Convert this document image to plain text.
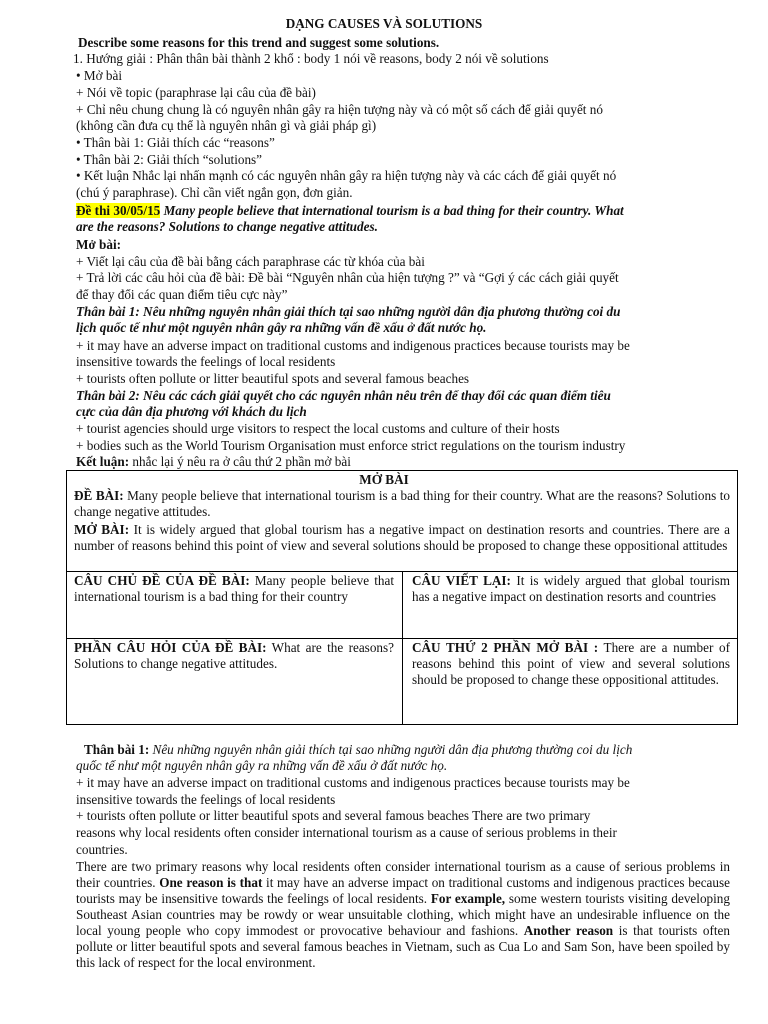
DẠNG CAUSES VÀ SOLUTIONS
Describe some reasons for this trend and suggest some solutions.
1. Hướng giải : Phân thân bài thành 2 khổ : body 1 nói về reasons, body 2 nói về solutions
• Mở bài
+ Nói về topic (paraphrase lại câu của đề bài)
+ Chỉ nêu chung chung là có nguyên nhân gây ra hiện tượng này và có một số cách để giải quyết nó
(không cần đưa cụ thể là nguyên nhân gì và giải pháp gì)
• Thân bài 1: Giải thích các “reasons”
• Thân bài 2: Giải thích “solutions”
• Kết luận Nhắc lại nhấn mạnh có các nguyên nhân gây ra hiện tượng này và các cách để giải quyết nó
(chú ý paraphrase). Chỉ cần viết ngắn gọn, đơn giản.
Đề thi 30/05/15 Many people believe that international tourism is a bad thing for their country. What
are the reasons? Solutions to change negative attitudes.
Mở bài:
+ Viết lại câu của đề bài bằng cách paraphrase các từ khóa của bài
+ Trả lời các câu hỏi của đề bài: Đề bài “Nguyên nhân của hiện tượng ?” và “Gợi ý các cách giải quyết
để thay đổi các quan điểm tiêu cực này”
Thân bài 1: Nêu những nguyên nhân giải thích tại sao những người dân địa phương thường coi du
lịch quốc tế như một nguyên nhân gây ra những vấn đề xấu ở đất nước họ.
+ it may have an adverse impact on traditional customs and indigenous practices because tourists may be
insensitive towards the feelings of local residents
+ tourists often pollute or litter beautiful spots and several famous beaches
Thân bài 2: Nêu các cách giải quyết cho các nguyên nhân nêu trên để thay đổi các quan điểm tiêu
cực của dân địa phương với khách du lịch
+ tourist agencies should urge visitors to respect the local customs and culture of their hosts
+ bodies such as the World Tourism Organisation must enforce strict regulations on the tourism industry
Kết luận: nhắc lại ý nêu ra ở câu thứ 2 phần mở bài
MỞ BÀI
ĐỀ BÀI: Many people believe that international tourism is a bad thing for their country. What are the reasons? Solutions to change negative attitudes.
MỞ BÀI: It is widely argued that global tourism has a negative impact on destination resorts and countries. There are a number of reasons behind this point of view and several solutions should be proposed to change these oppositional attitudes
CÂU CHỦ ĐỀ CỦA ĐỀ BÀI: Many people believe that international tourism is a bad thing for their country
CÂU VIẾT LẠI: It is widely argued that global tourism has a negative impact on destination resorts and countries
PHẦN CÂU HỎI CỦA ĐỀ BÀI: What are the reasons? Solutions to change negative attitudes.
CÂU THỨ 2 PHẦN MỞ BÀI : There are a number of reasons behind this point of view and several solutions should be proposed to change these oppositional attitudes.
Thân bài 1: Nêu những nguyên nhân giải thích tại sao những người dân địa phương thường coi du lịch
quốc tế như một nguyên nhân gây ra những vấn đề xấu ở đất nước họ.
+ it may have an adverse impact on traditional customs and indigenous practices because tourists may be
insensitive towards the feelings of local residents
+ tourists often pollute or litter beautiful spots and several famous beaches There are two primary
reasons why local residents often consider international tourism as a cause of serious problems in their
countries.
There are two primary reasons why local residents often consider international tourism as a cause of serious problems in their countries. One reason is that it may have an adverse impact on traditional customs and indigenous practices because tourists may be insensitive towards the feelings of local residents. For example, some western tourists visiting developing Southeast Asian countries may be rowdy or wear unsuitable clothing, which might have an undesirable influence on the local young people who copy immodest or provocative behaviour and fashions. Another reason is that tourists often pollute or litter beautiful spots and several famous beaches in Vietnam, such as Cua Lo and Sam Son, have been spoiled by this lack of respect for the local environment.
